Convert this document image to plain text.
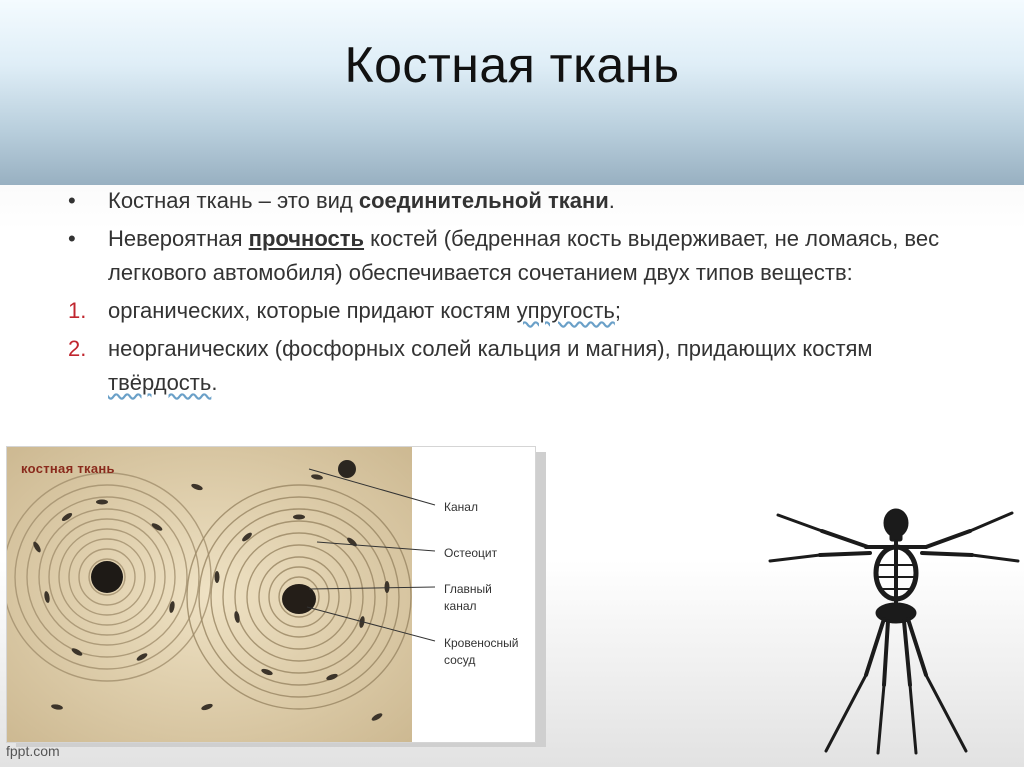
Костная ткань
•	Костная ткань – это вид соединительной ткани.
•	Невероятная прочность костей (бедренная кость выдерживает, не ломаясь, вес легкового автомобиля) обеспечивается сочетанием двух типов веществ:
1. органических, которые придают костям упругость;
2. неорганических (фосфорных солей кальция и магния), придающих костям твёрдость.
костная ткань
Канал
Остеоцит
Главный
канал
Кровеносный
сосуд
fppt.com
